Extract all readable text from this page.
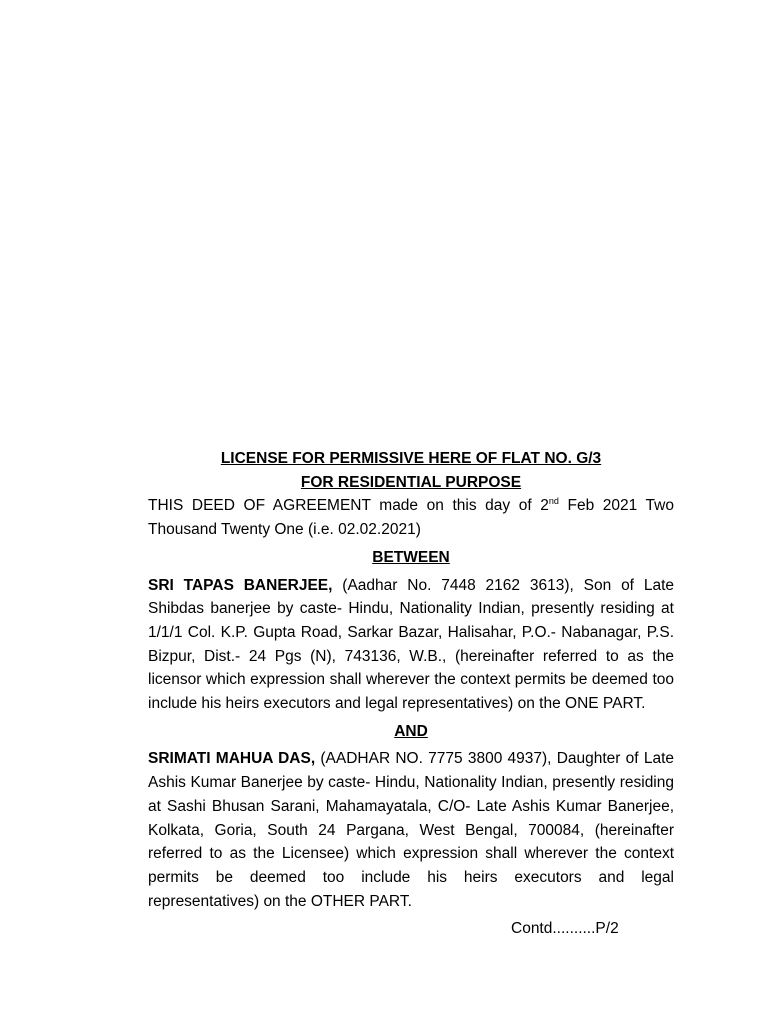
LICENSE FOR PERMISSIVE HERE OF FLAT NO. G/3

FOR RESIDENTIAL PURPOSE

THIS DEED OF AGREEMENT made on this day of 2nd Feb 2021 Two Thousand Twenty One (i.e. 02.02.2021)

BETWEEN

SRI TAPAS BANERJEE, (Aadhar No. 7448 2162 3613), Son of Late Shibdas banerjee by caste- Hindu, Nationality Indian, presently residing at 1/1/1 Col. K.P. Gupta Road, Sarkar Bazar, Halisahar, P.O.- Nabanagar, P.S. Bizpur, Dist.- 24 Pgs (N), 743136, W.B., (hereinafter referred to as the licensor which expression shall wherever the context permits be deemed too include his heirs executors and legal representatives) on the ONE PART.

AND

SRIMATI MAHUA DAS, (AADHAR NO. 7775 3800 4937), Daughter of Late Ashis Kumar Banerjee by caste- Hindu, Nationality Indian, presently residing at Sashi Bhusan Sarani, Mahamayatala, C/O- Late Ashis Kumar Banerjee, Kolkata, Goria, South 24 Pargana, West Bengal, 700084, (hereinafter referred to as the Licensee) which expression shall wherever the context permits be deemed too include his heirs executors and legal representatives) on the OTHER PART.

Contd..........P/2
